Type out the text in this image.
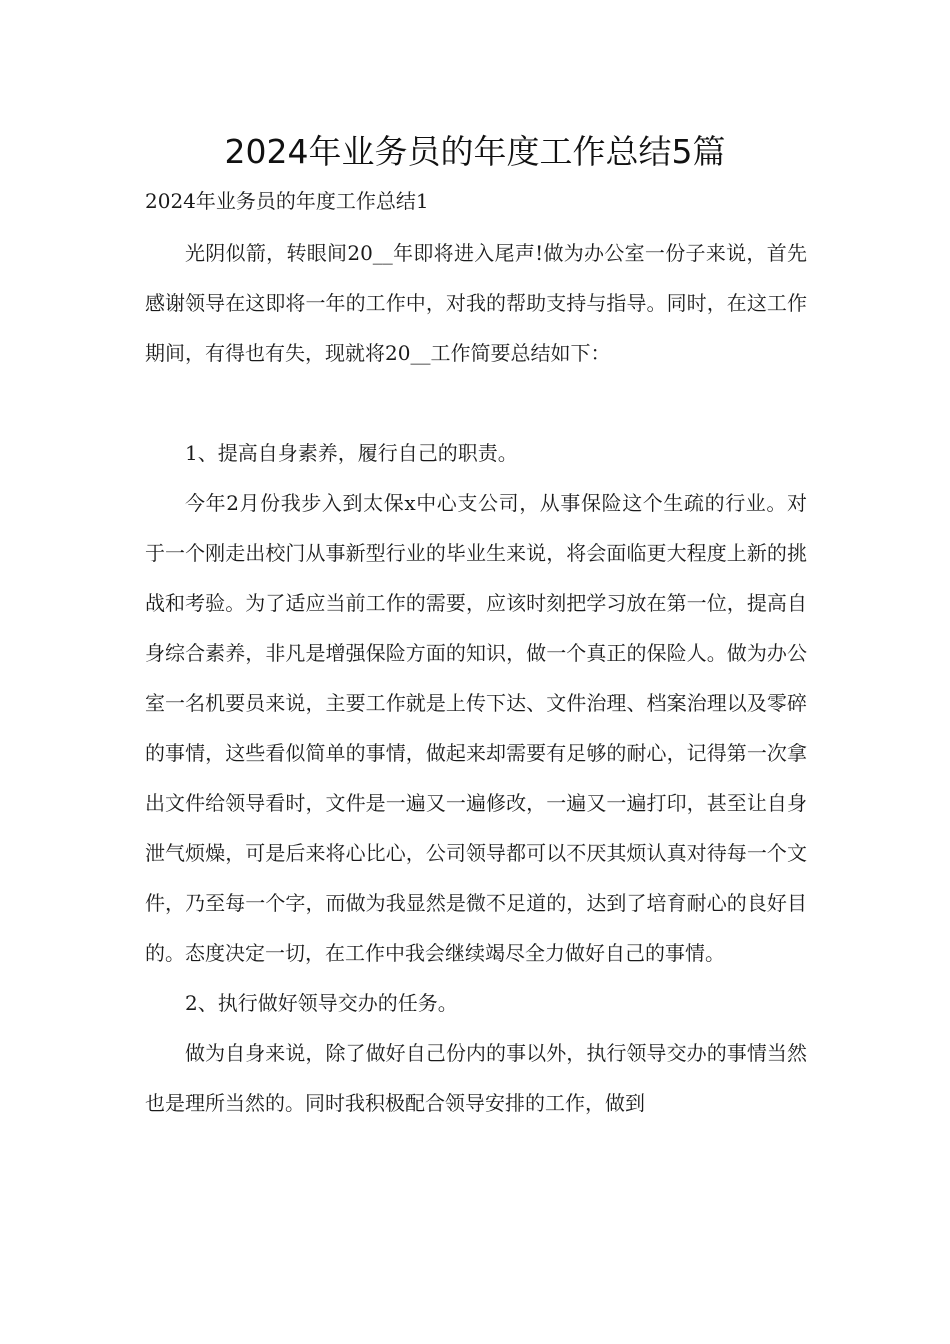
2024年业务员的年度工作总结5篇
2024年业务员的年度工作总结1

光阴似箭，转眼间20__年即将进入尾声!做为办公室一份子来说，首先感谢领导在这即将一年的工作中，对我的帮助支持与指导。同时，在这工作期间，有得也有失，现就将20__工作简要总结如下：

1、提高自身素养，履行自己的职责。

今年2月份我步入到太保x中心支公司，从事保险这个生疏的行业。对于一个刚走出校门从事新型行业的毕业生来说，将会面临更大程度上新的挑战和考验。为了适应当前工作的需要，应该时刻把学习放在第一位，提高自身综合素养，非凡是增强保险方面的知识，做一个真正的保险人。做为办公室一名机要员来说，主要工作就是上传下达、文件治理、档案治理以及零碎的事情，这些看似简单的事情，做起来却需要有足够的耐心，记得第一次拿出文件给领导看时，文件是一遍又一遍修改，一遍又一遍打印，甚至让自身泄气烦燥，可是后来将心比心，公司领导都可以不厌其烦认真对待每一个文件，乃至每一个字，而做为我显然是微不足道的，达到了培育耐心的良好目的。态度决定一切，在工作中我会继续竭尽全力做好自己的事情。

2、执行做好领导交办的任务。

做为自身来说，除了做好自己份内的事以外，执行领导交办的事情当然也是理所当然的。同时我积极配合领导安排的工作，做到
